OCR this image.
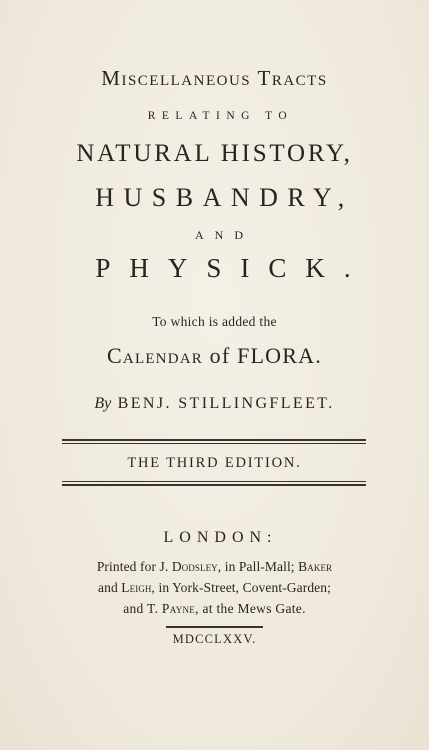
Miscellaneous Tracts
RELATING TO
NATURAL HISTORY,
HUSBANDRY,
AND
PHYSICK.
To which is added the
Calendar of FLORA.
By BENJ. STILLINGFLEET.
THE THIRD EDITION.
LONDON:
Printed for J. Dodsley, in Pall-Mall; Baker
and Leigh, in York-Street, Covent-Garden;
and T. Payne, at the Mews Gate.
MDCCLXXV.
